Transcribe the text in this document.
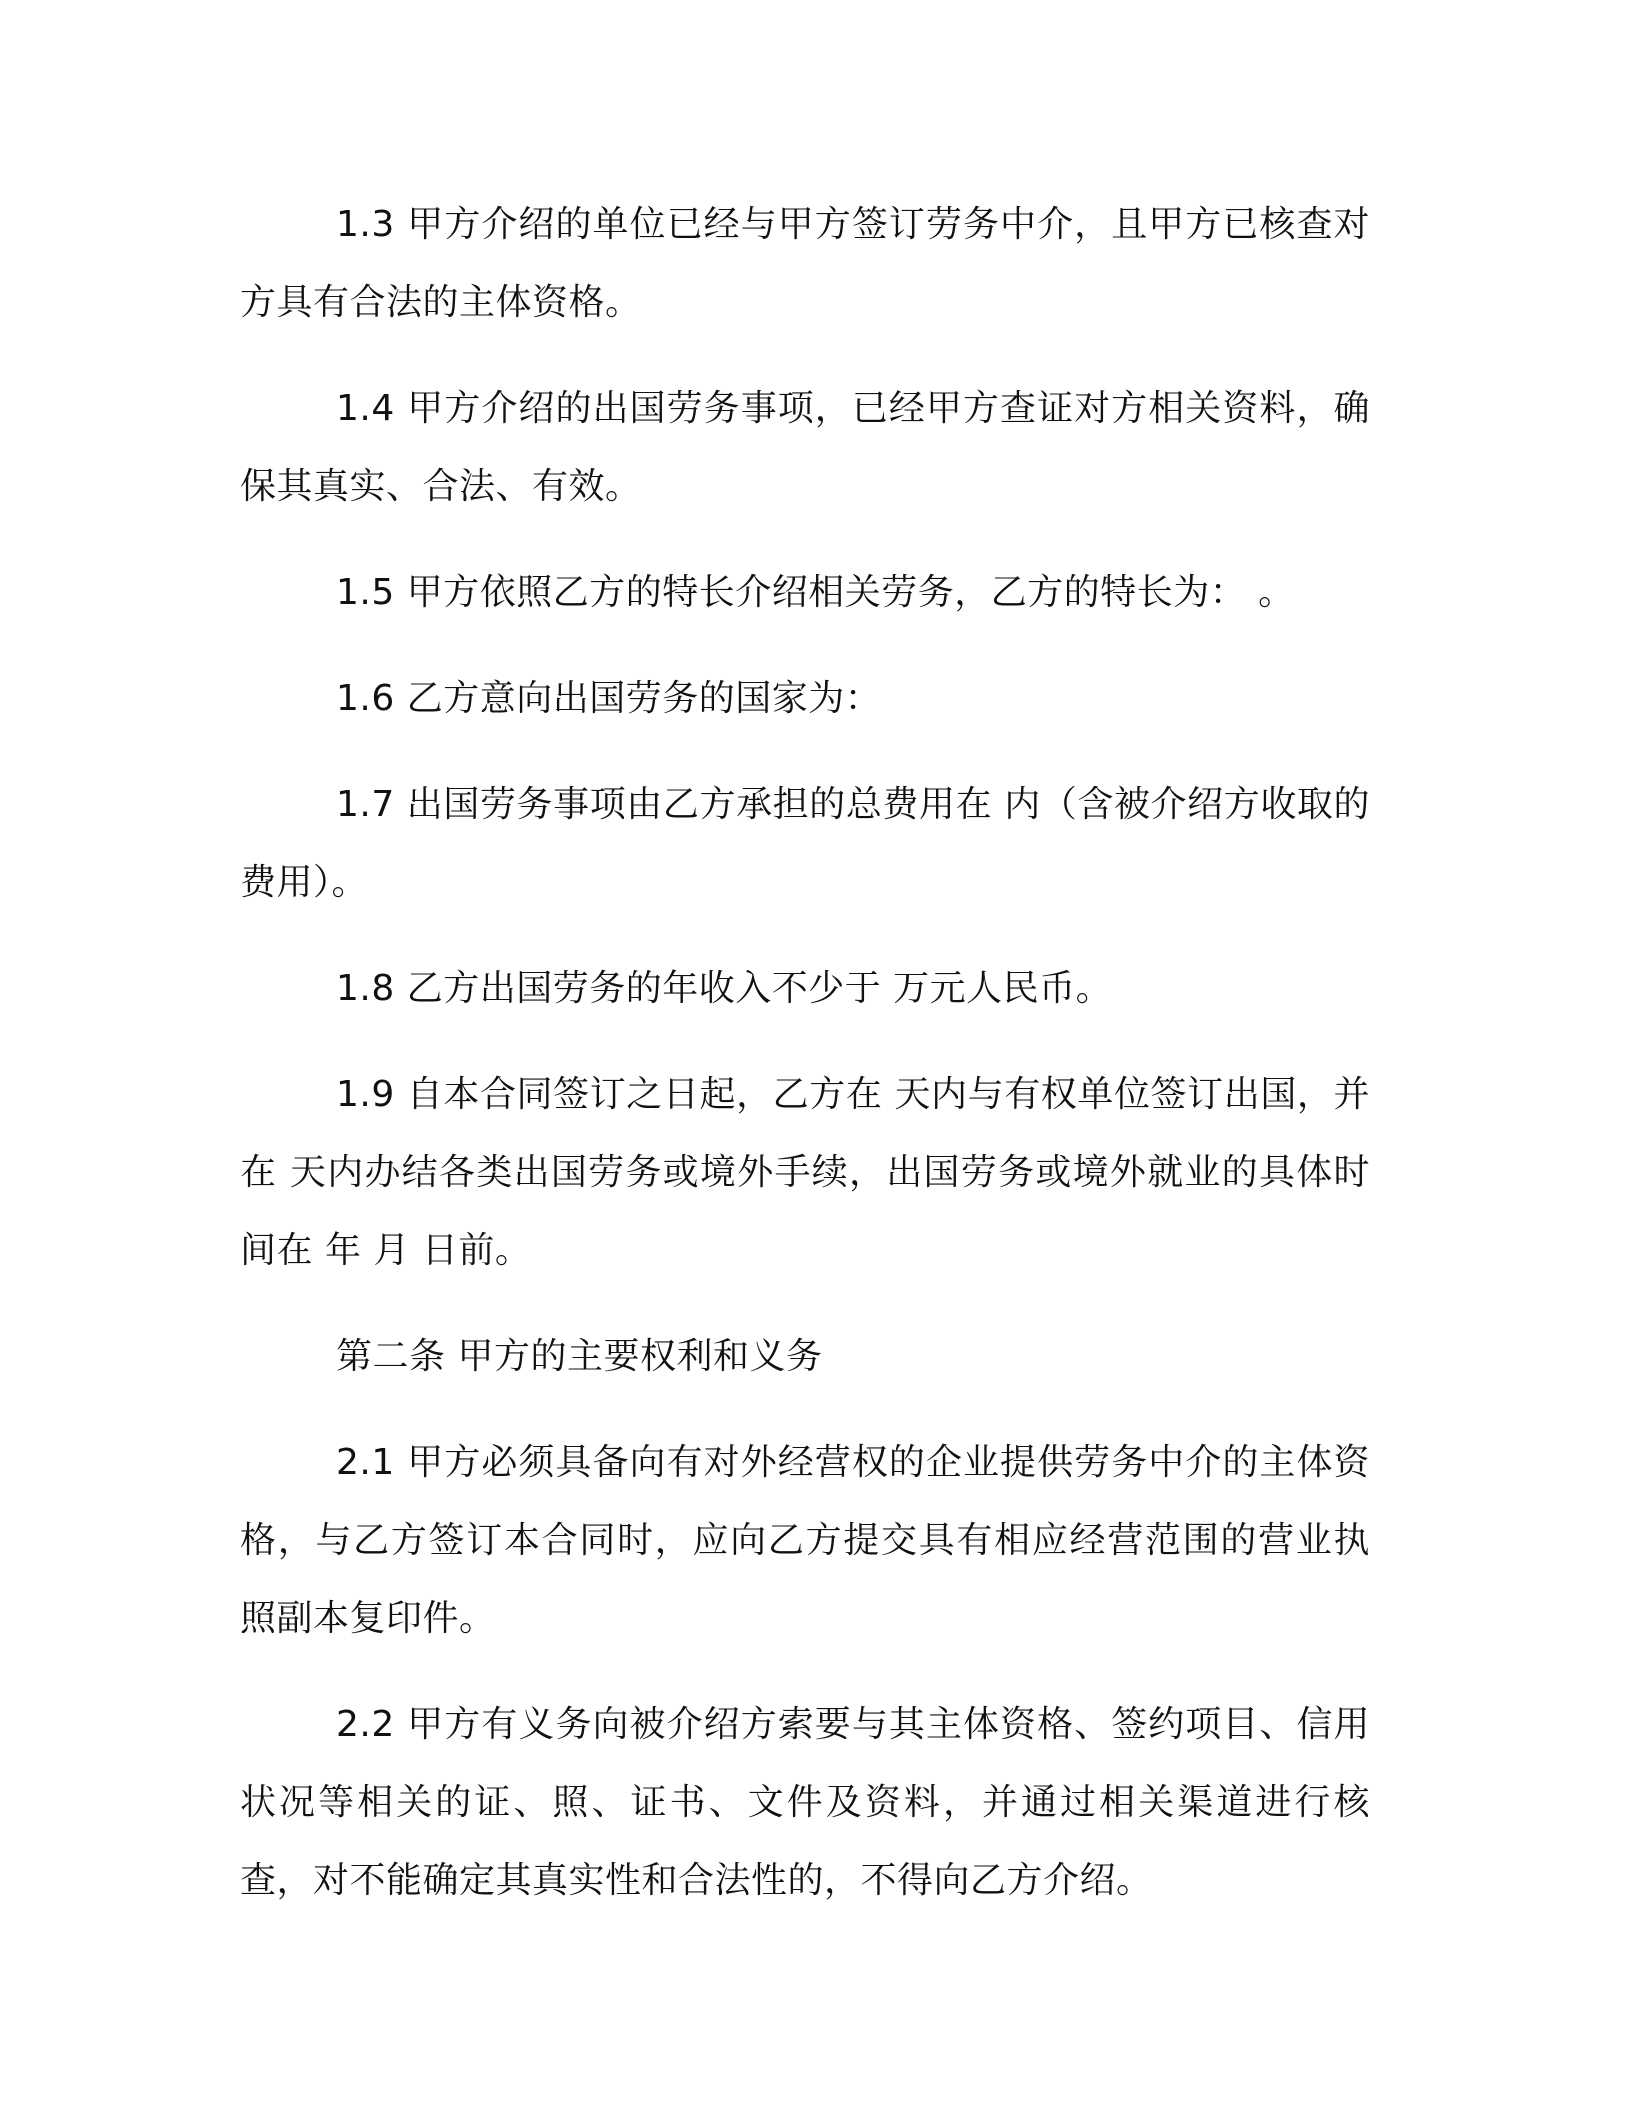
1.3 甲方介绍的单位已经与甲方签订劳务中介，且甲方已核查对方具有合法的主体资格。

1.4 甲方介绍的出国劳务事项，已经甲方查证对方相关资料，确保其真实、合法、有效。

1.5 甲方依照乙方的特长介绍相关劳务，乙方的特长为： 。

1.6 乙方意向出国劳务的国家为：

1.7 出国劳务事项由乙方承担的总费用在 内（含被介绍方收取的费用）。

1.8 乙方出国劳务的年收入不少于 万元人民币。

1.9 自本合同签订之日起，乙方在 天内与有权单位签订出国，并在 天内办结各类出国劳务或境外手续，出国劳务或境外就业的具体时间在 年 月 日前。

第二条 甲方的主要权利和义务

2.1 甲方必须具备向有对外经营权的企业提供劳务中介的主体资格，与乙方签订本合同时，应向乙方提交具有相应经营范围的营业执照副本复印件。

2.2 甲方有义务向被介绍方索要与其主体资格、签约项目、信用状况等相关的证、照、证书、文件及资料，并通过相关渠道进行核查，对不能确定其真实性和合法性的，不得向乙方介绍。
